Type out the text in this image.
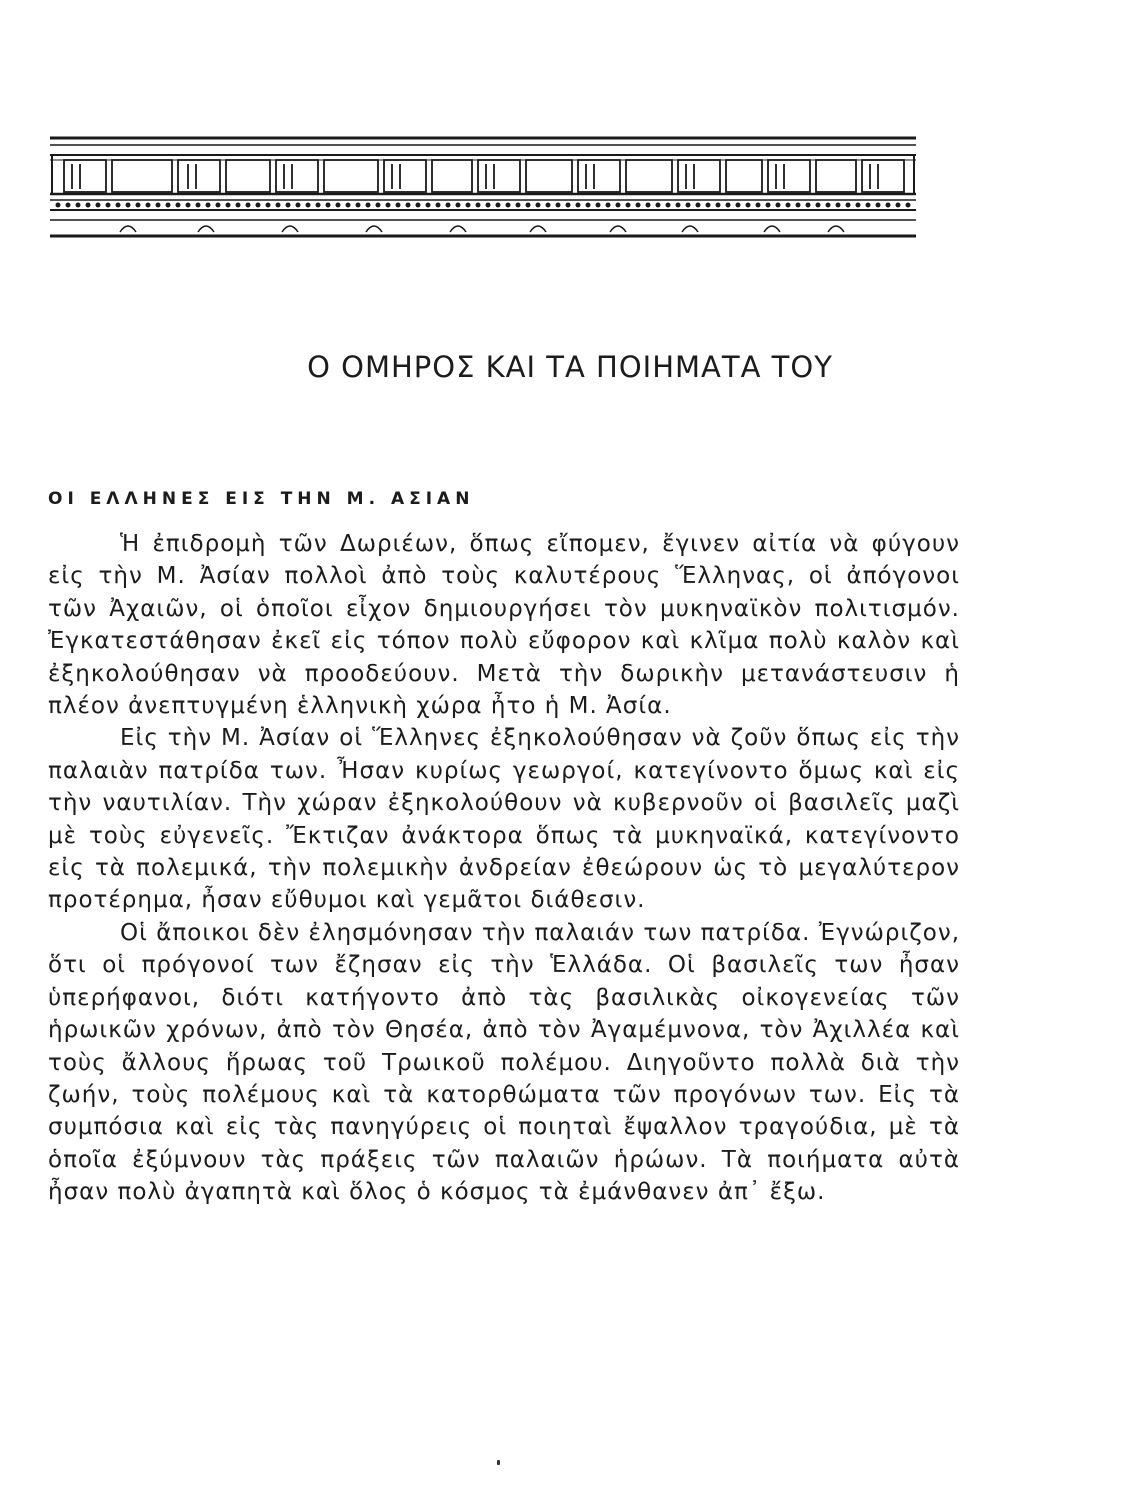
Ο ΟΜΗΡΟΣ ΚΑΙ ΤΑ ΠΟΙΗΜΑΤΑ ΤΟΥ
ΟΙ ΕΛΛΗΝΕΣ ΕΙΣ ΤΗΝ Μ. ΑΣΙΑΝ

Ἡ ἐπιδρομὴ τῶν Δωριέων, ὅπως εἴπομεν, ἔγινεν αἰτία νὰ φύγουν εἰς τὴν Μ. Ἀσίαν πολλοὶ ἀπὸ τοὺς καλυτέρους Ἕλληνας, οἱ ἀπόγονοι τῶν Ἀχαιῶν, οἱ ὁποῖοι εἶχον δημιουργήσει τὸν μυκηναϊκὸν πολιτισμόν. Ἐγκατεστάθησαν ἐκεῖ εἰς τόπον πολὺ εὔφορον καὶ κλῖμα πολὺ καλὸν καὶ ἐξηκολούθησαν νὰ προοδεύουν. Μετὰ τὴν δωρικὴν μετανάστευσιν ἡ πλέον ἀνεπτυγμένη ἑλληνικὴ χώρα ἦτο ἡ Μ. Ἀσία.

Εἰς τὴν Μ. Ἀσίαν οἱ Ἕλληνες ἐξηκολούθησαν νὰ ζοῦν ὅπως εἰς τὴν παλαιὰν πατρίδα των. Ἦσαν κυρίως γεωργοί, κατεγίνοντο ὅμως καὶ εἰς τὴν ναυτιλίαν. Τὴν χώραν ἐξηκολούθουν νὰ κυβερνοῦν οἱ βασιλεῖς μαζὶ μὲ τοὺς εὐγενεῖς. Ἔκτιζαν ἀνάκτορα ὅπως τὰ μυκηναϊκά, κατεγίνοντο εἰς τὰ πολεμικά, τὴν πολεμικὴν ἀνδρείαν ἐθεώρουν ὡς τὸ μεγαλύτερον προτέρημα, ἦσαν εὔθυμοι καὶ γεμᾶτοι διάθεσιν.

Οἱ ἄποικοι δὲν ἐλησμόνησαν τὴν παλαιάν των πατρίδα. Ἐγνώριζον, ὅτι οἱ πρόγονοί των ἔζησαν εἰς τὴν Ἑλλάδα. Οἱ βασιλεῖς των ἦσαν ὑπερήφανοι, διότι κατήγοντο ἀπὸ τὰς βασιλικὰς οἰκογενείας τῶν ἡρωικῶν χρόνων, ἀπὸ τὸν Θησέα, ἀπὸ τὸν Ἀγαμέμνονα, τὸν Ἀχιλλέα καὶ τοὺς ἄλλους ἥρωας τοῦ Τρωικοῦ πολέμου. Διηγοῦντο πολλὰ διὰ τὴν ζωήν, τοὺς πολέμους καὶ τὰ κατορθώματα τῶν προγόνων των. Εἰς τὰ συμπόσια καὶ εἰς τὰς πανηγύρεις οἱ ποιηταὶ ἔψαλλον τραγούδια, μὲ τὰ ὁποῖα ἐξύμνουν τὰς πράξεις τῶν παλαιῶν ἡρώων. Τὰ ποιήματα αὐτὰ ἦσαν πολὺ ἀγαπητὰ καὶ ὅλος ὁ κόσμος τὰ ἐμάνθανεν ἀπ᾽ ἔξω.
